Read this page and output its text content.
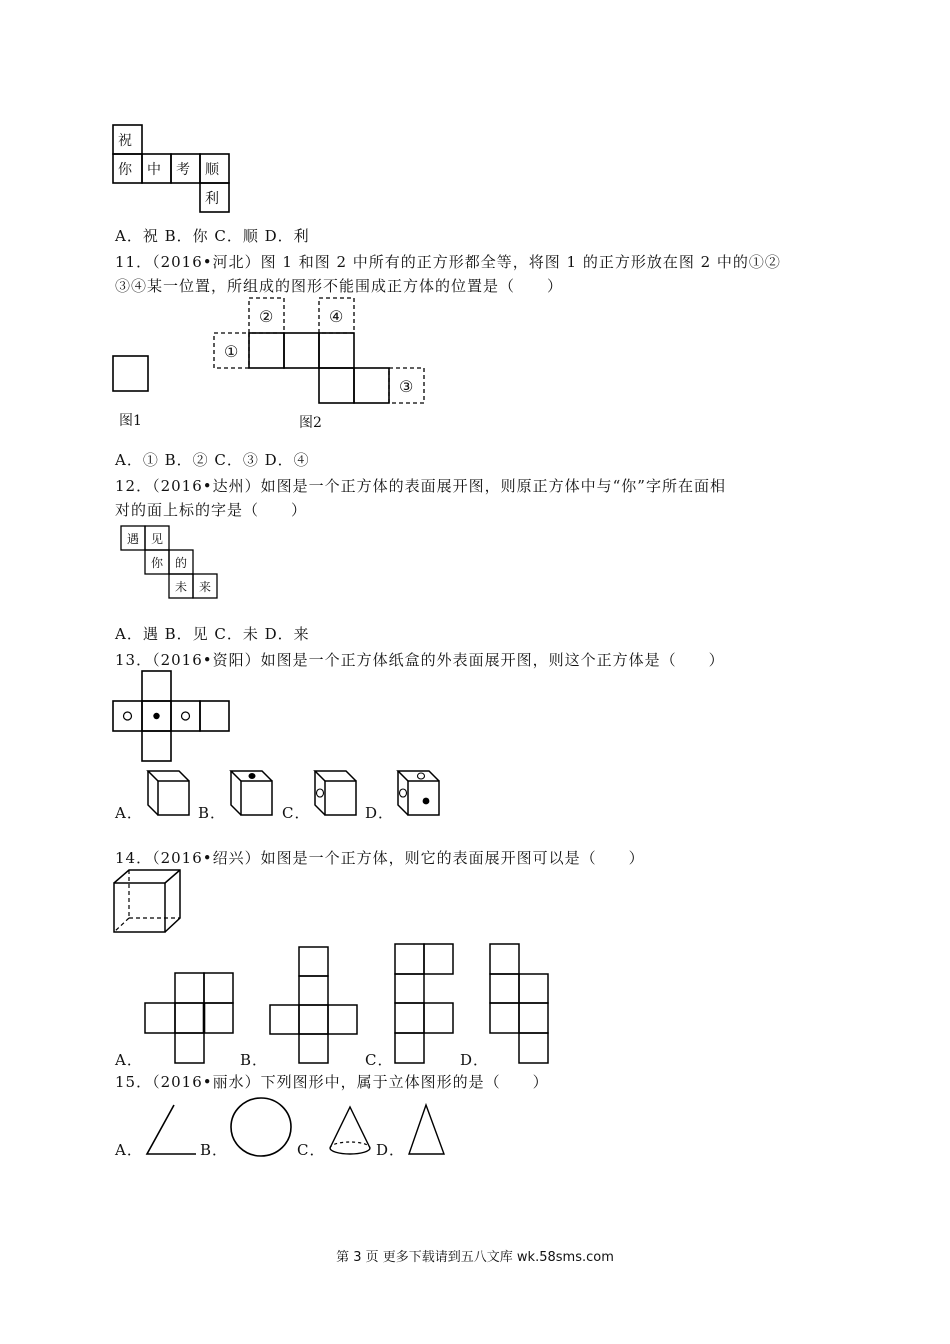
祝
你 中 考 顺
利
A．祝 B．你 C．顺 D．利
11．（2016•河北）图 1 和图 2 中所有的正方形都全等，将图 1 的正方形放在图 2 中的①②
③④某一位置，所组成的图形不能围成正方体的位置是（　　）
图1
①
②
③
④
图2
A．① B．② C．③ D．④
12．（2016•达州）如图是一个正方体的表面展开图，则原正方体中与“你”字所在面相
对的面上标的字是（　　）
遇 见
你 的
未 来
A．遇 B．见 C．未 D．来
13．（2016•资阳）如图是一个正方体纸盒的外表面展开图，则这个正方体是（　　）
A．	B．	C．	D．
14．（2016•绍兴）如图是一个正方体，则它的表面展开图可以是（　　）
A．	B．	C．	D．
15．（2016•丽水）下列图形中，属于立体图形的是（　　）
A．	B．	C．	D．
第 3 页 更多下载请到五八文库 wk.58sms.com
